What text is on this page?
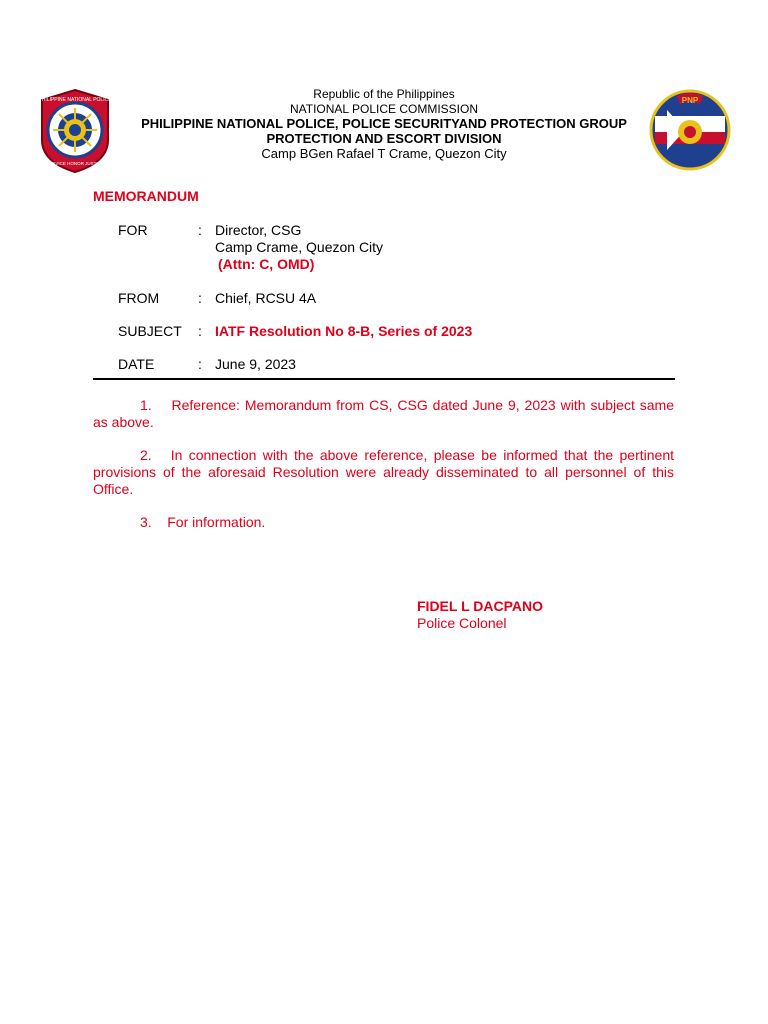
PHILIPPINE NATIONAL POLICE
SERVICE HONOR JUSTICE
PNP
Republic of the Philippines
NATIONAL POLICE COMMISSION
PHILIPPINE NATIONAL POLICE, POLICE SECURITYAND PROTECTION GROUP
PROTECTION AND ESCORT DIVISION
Camp BGen Rafael T Crame, Quezon City
MEMORANDUM
FOR	: Director, CSG
Camp Crame, Quezon City
(Attn: C, OMD)
FROM	: Chief, RCSU 4A
SUBJECT : IATF Resolution No 8-B, Series of 2023
DATE	: June 9, 2023
1. Reference: Memorandum from CS, CSG dated June 9, 2023 with subject same as above.
2. In connection with the above reference, please be informed that the pertinent provisions of the aforesaid Resolution were already disseminated to all personnel of this Office.
3. For information.
FIDEL L DACPANO
Police Colonel
